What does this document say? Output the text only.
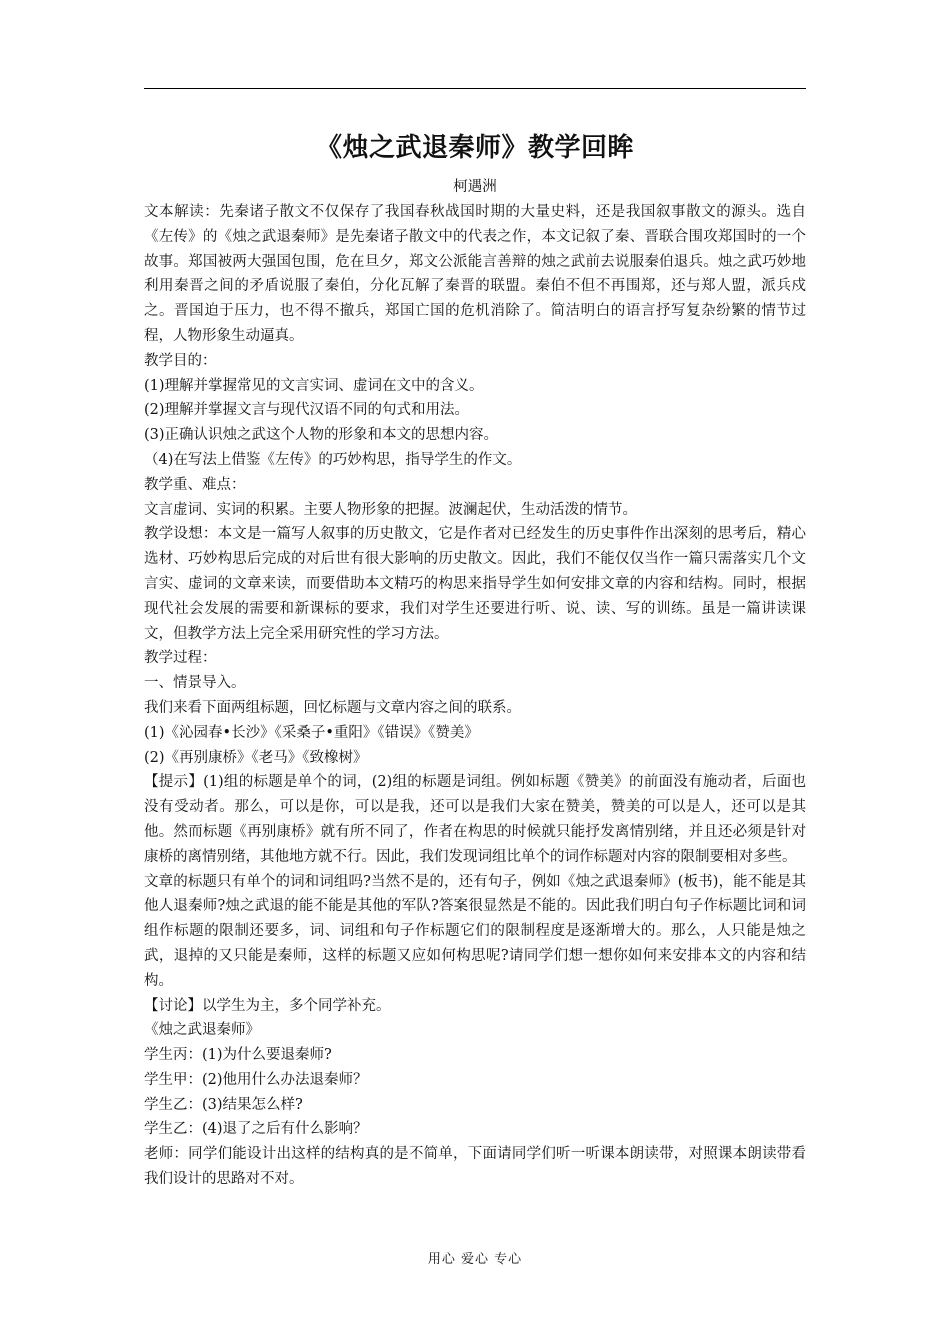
《烛之武退秦师》教学回眸
柯遇洲

文本解读：先秦诸子散文不仅保存了我国春秋战国时期的大量史料，还是我国叙事散文的源头。选自《左传》的《烛之武退秦师》是先秦诸子散文中的代表之作，本文记叙了秦、晋联合围攻郑国时的一个故事。郑国被两大强国包围，危在旦夕，郑文公派能言善辩的烛之武前去说服秦伯退兵。烛之武巧妙地利用秦晋之间的矛盾说服了秦伯，分化瓦解了秦晋的联盟。秦伯不但不再围郑，还与郑人盟，派兵戍之。晋国迫于压力，也不得不撤兵，郑国亡国的危机消除了。简洁明白的语言抒写复杂纷繁的情节过程，人物形象生动逼真。

教学目的：

(1)理解并掌握常见的文言实词、虚词在文中的含义。

(2)理解并掌握文言与现代汉语不同的句式和用法。

(3)正确认识烛之武这个人物的形象和本文的思想内容。

（4)在写法上借鉴《左传》的巧妙构思，指导学生的作文。

教学重、难点：

文言虚词、实词的积累。主要人物形象的把握。波澜起伏，生动活泼的情节。

教学设想：本文是一篇写人叙事的历史散文，它是作者对已经发生的历史事件作出深刻的思考后，精心选材、巧妙构思后完成的对后世有很大影响的历史散文。因此，我们不能仅仅当作一篇只需落实几个文言实、虚词的文章来读，而要借助本文精巧的构思来指导学生如何安排文章的内容和结构。同时，根据现代社会发展的需要和新课标的要求，我们对学生还要进行听、说、读、写的训练。虽是一篇讲读课文，但教学方法上完全采用研究性的学习方法。

教学过程：

一、情景导入。

我们来看下面两组标题，回忆标题与文章内容之间的联系。

(1)《沁园春•长沙》《采桑子•重阳》《错误》《赞美》

(2)《再别康桥》《老马》《致橡树》

【提示】(1)组的标题是单个的词，(2)组的标题是词组。例如标题《赞美》的前面没有施动者，后面也没有受动者。那么，可以是你，可以是我，还可以是我们大家在赞美，赞美的可以是人，还可以是其他。然而标题《再别康桥》就有所不同了，作者在构思的时候就只能抒发离情别绪，并且还必须是针对康桥的离情别绪，其他地方就不行。因此，我们发现词组比单个的词作标题对内容的限制要相对多些。

文章的标题只有单个的词和词组吗?当然不是的，还有句子，例如《烛之武退秦师》(板书)，能不能是其他人退秦师?烛之武退的能不能是其他的军队?答案很显然是不能的。因此我们明白句子作标题比词和词组作标题的限制还要多，词、词组和句子作标题它们的限制程度是逐渐增大的。那么，人只能是烛之武，退掉的又只能是秦师，这样的标题又应如何构思呢?请同学们想一想你如何来安排本文的内容和结构。

【讨论】以学生为主，多个同学补充。

《烛之武退秦师》

学生丙：(1)为什么要退秦师?

学生甲：(2)他用什么办法退秦师？

学生乙：(3)结果怎么样?

学生乙：(4)退了之后有什么影响？

老师：同学们能设计出这样的结构真的是不简单，下面请同学们听一听课本朗读带，对照课本朗读带看我们设计的思路对不对。

用心 爱心 专心
